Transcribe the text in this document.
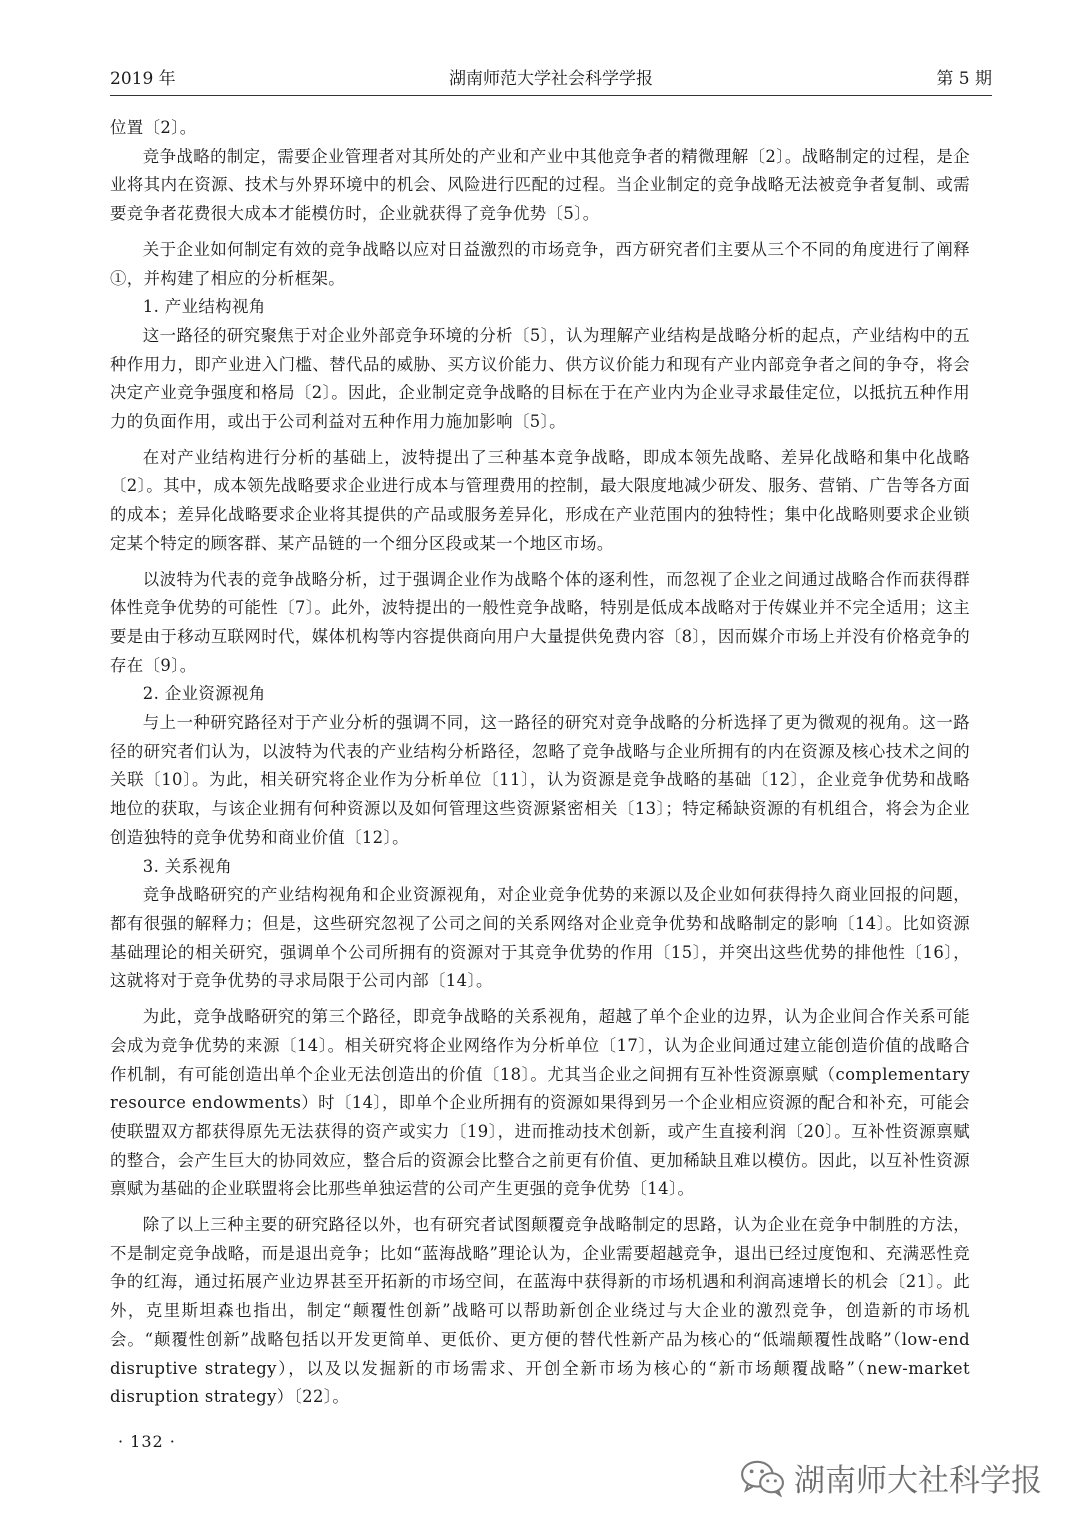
2019 年	湖南师范大学社会科学学报	第 5 期

位置〔2〕。

竞争战略的制定，需要企业管理者对其所处的产业和产业中其他竞争者的精微理解〔2〕。战略制定的过程，是企业将其内在资源、技术与外界环境中的机会、风险进行匹配的过程。当企业制定的竞争战略无法被竞争者复制、或需要竞争者花费很大成本才能模仿时，企业就获得了竞争优势〔5〕。

关于企业如何制定有效的竞争战略以应对日益激烈的市场竞争，西方研究者们主要从三个不同的角度进行了阐释①，并构建了相应的分析框架。

1. 产业结构视角

这一路径的研究聚焦于对企业外部竞争环境的分析〔5〕，认为理解产业结构是战略分析的起点，产业结构中的五种作用力，即产业进入门槛、替代品的威胁、买方议价能力、供方议价能力和现有产业内部竞争者之间的争夺，将会决定产业竞争强度和格局〔2〕。因此，企业制定竞争战略的目标在于在产业内为企业寻求最佳定位，以抵抗五种作用力的负面作用，或出于公司利益对五种作用力施加影响〔5〕。

在对产业结构进行分析的基础上，波特提出了三种基本竞争战略，即成本领先战略、差异化战略和集中化战略〔2〕。其中，成本领先战略要求企业进行成本与管理费用的控制，最大限度地减少研发、服务、营销、广告等各方面的成本；差异化战略要求企业将其提供的产品或服务差异化，形成在产业范围内的独特性；集中化战略则要求企业锁定某个特定的顾客群、某产品链的一个细分区段或某一个地区市场。

以波特为代表的竞争战略分析，过于强调企业作为战略个体的逐利性，而忽视了企业之间通过战略合作而获得群体性竞争优势的可能性〔7〕。此外，波特提出的一般性竞争战略，特别是低成本战略对于传媒业并不完全适用；这主要是由于移动互联网时代，媒体机构等内容提供商向用户大量提供免费内容〔8〕，因而媒介市场上并没有价格竞争的存在〔9〕。

2. 企业资源视角

与上一种研究路径对于产业分析的强调不同，这一路径的研究对竞争战略的分析选择了更为微观的视角。这一路径的研究者们认为，以波特为代表的产业结构分析路径，忽略了竞争战略与企业所拥有的内在资源及核心技术之间的关联〔10〕。为此，相关研究将企业作为分析单位〔11〕，认为资源是竞争战略的基础〔12〕，企业竞争优势和战略地位的获取，与该企业拥有何种资源以及如何管理这些资源紧密相关〔13〕；特定稀缺资源的有机组合，将会为企业创造独特的竞争优势和商业价值〔12〕。

3. 关系视角

竞争战略研究的产业结构视角和企业资源视角，对企业竞争优势的来源以及企业如何获得持久商业回报的问题，都有很强的解释力；但是，这些研究忽视了公司之间的关系网络对企业竞争优势和战略制定的影响〔14〕。比如资源基础理论的相关研究，强调单个公司所拥有的资源对于其竞争优势的作用〔15〕，并突出这些优势的排他性〔16〕，这就将对于竞争优势的寻求局限于公司内部〔14〕。

为此，竞争战略研究的第三个路径，即竞争战略的关系视角，超越了单个企业的边界，认为企业间合作关系可能会成为竞争优势的来源〔14〕。相关研究将企业网络作为分析单位〔17〕，认为企业间通过建立能创造价值的战略合作机制，有可能创造出单个企业无法创造出的价值〔18〕。尤其当企业之间拥有互补性资源禀赋（complementary resource endowments）时〔14〕，即单个企业所拥有的资源如果得到另一个企业相应资源的配合和补充，可能会使联盟双方都获得原先无法获得的资产或实力〔19〕，进而推动技术创新，或产生直接利润〔20〕。互补性资源禀赋的整合，会产生巨大的协同效应，整合后的资源会比整合之前更有价值、更加稀缺且难以模仿。因此，以互补性资源禀赋为基础的企业联盟将会比那些单独运营的公司产生更强的竞争优势〔14〕。

除了以上三种主要的研究路径以外，也有研究者试图颠覆竞争战略制定的思路，认为企业在竞争中制胜的方法，不是制定竞争战略，而是退出竞争；比如“蓝海战略”理论认为，企业需要超越竞争，退出已经过度饱和、充满恶性竞争的红海，通过拓展产业边界甚至开拓新的市场空间，在蓝海中获得新的市场机遇和利润高速增长的机会〔21〕。此外，克里斯坦森也指出，制定“颠覆性创新”战略可以帮助新创企业绕过与大企业的激烈竞争，创造新的市场机会。“颠覆性创新”战略包括以开发更简单、更低价、更方便的替代性新产品为核心的“低端颠覆性战略”（low-end disruptive strategy），以及以发掘新的市场需求、开创全新市场为核心的“新市场颠覆战略”（new-market disruption strategy）〔22〕。

· 132 ·
湖南师大社科学报
